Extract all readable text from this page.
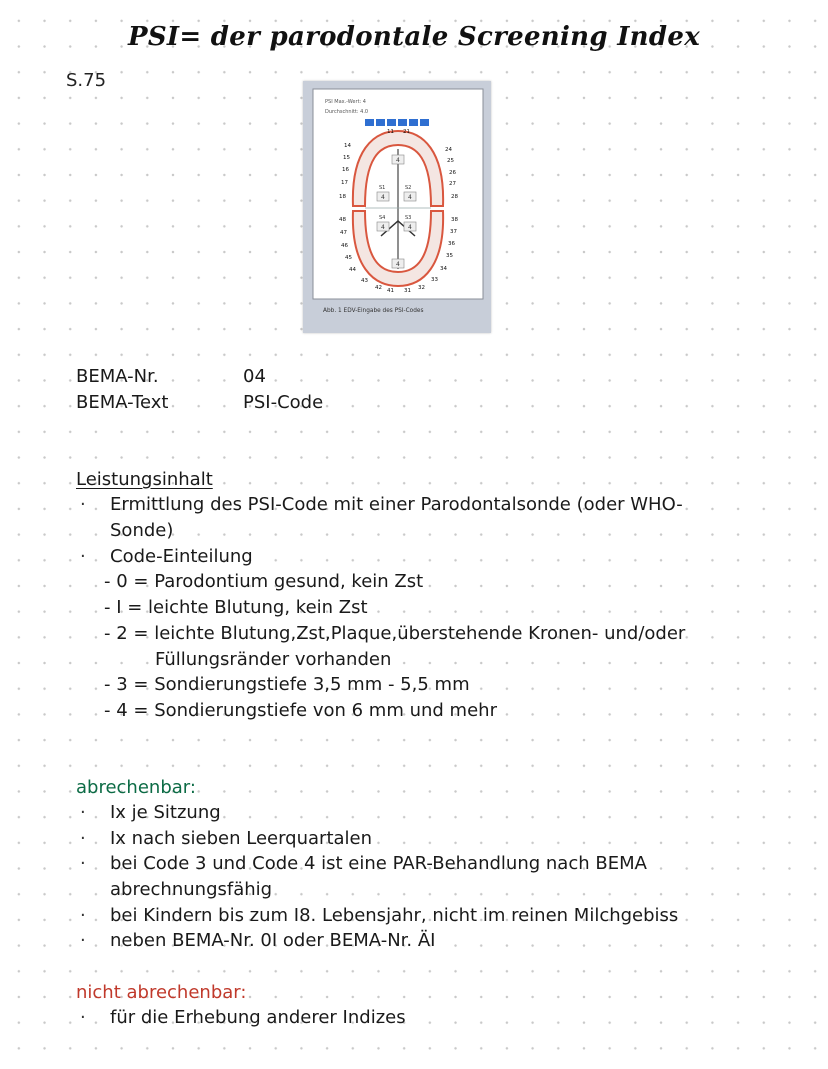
PSI= der parodontale Screening Index
S.75
PSI Max.-Wert: 4
Durchschnitt: 4.0
S1	S2
S3
S4
4
4	4
4	4
4
11 21
14
24
15	25
16	26
17	27
18	28
48	38
47	37
46	36
45	35
44	34
43	33
42	32
41 31
Abb. 1 EDV-Eingabe des PSI-Codes
BEMA-Nr.	04
BEMA-Text	PSI-Code
Leistungsinhalt
· Ermittlung des PSI-Code mit einer Parodontalsonde (oder WHO-
Sonde)
· Code-Einteilung
- 0 = Parodontium gesund, kein Zst
- I = leichte Blutung, kein Zst
- 2 = leichte Blutung,Zst,Plaque,überstehende Kronen- und/oder
Füllungsränder vorhanden
- 3 = Sondierungstiefe 3,5 mm - 5,5 mm
- 4 = Sondierungstiefe von 6 mm und mehr
abrechenbar:
· Ix je Sitzung
· Ix nach sieben Leerquartalen
· bei Code 3 und Code 4 ist eine PAR-Behandlung nach BEMA
abrechnungsfähig
· bei Kindern bis zum I8. Lebensjahr, nicht im reinen Milchgebiss
· neben BEMA-Nr. 0I oder BEMA-Nr. ÄI
nicht abrechenbar:
· für die Erhebung anderer Indizes
